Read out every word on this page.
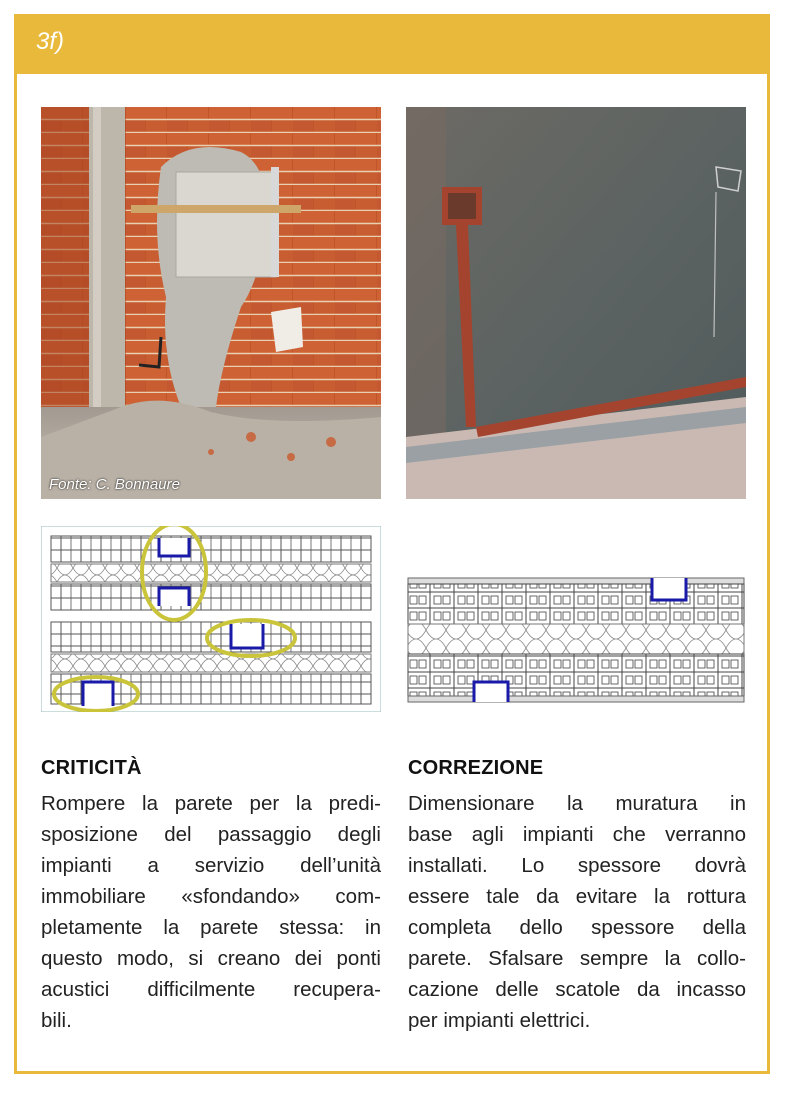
3f)
Fonte: C. Bonnaure
CRITICITÀ
Rompere la parete per la predi-
sposizione del passaggio degli
impianti a servizio dell’unità
immobiliare «sfondando» com-
pletamente la parete stessa: in
questo modo, si creano dei ponti
acustici difficilmente recupera-
bili.
CORREZIONE
Dimensionare la muratura in
base agli impianti che verranno
installati. Lo spessore dovrà
essere tale da evitare la rottura
completa dello spessore della
parete. Sfalsare sempre la collo-
cazione delle scatole da incasso
per impianti elettrici.
